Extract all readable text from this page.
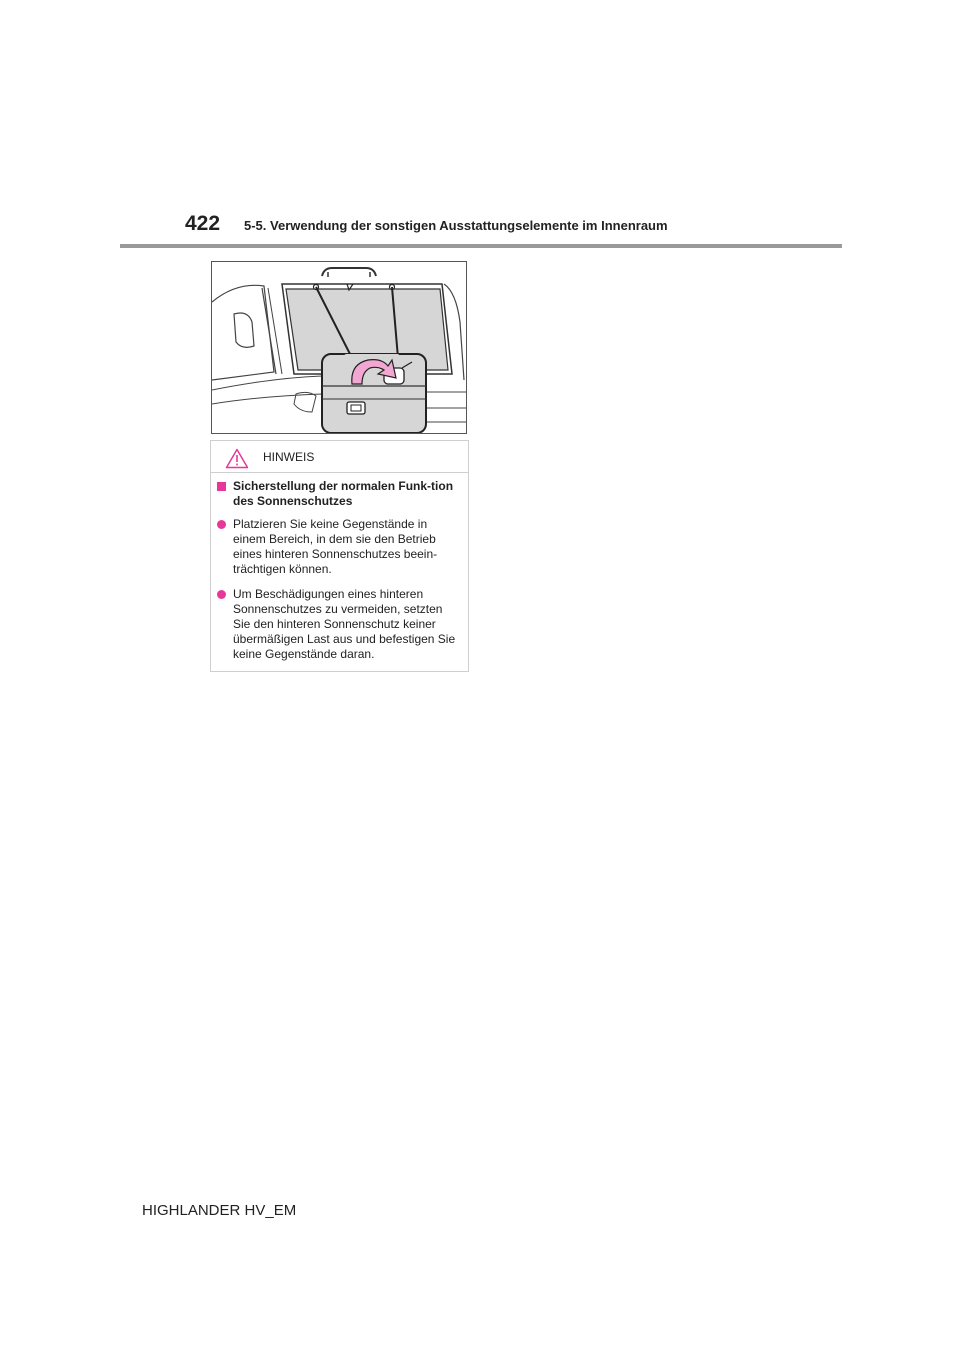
422 5-5. Verwendung der sonstigen Ausstattungselemente im Innenraum
HINWEIS
Sicherstellung der normalen Funk-tion des Sonnenschutzes
Platzieren Sie keine Gegenstände in einem Bereich, in dem sie den Betrieb eines hinteren Sonnenschutzes beein-trächtigen können.
Um Beschädigungen eines hinteren Sonnenschutzes zu vermeiden, setzten Sie den hinteren Sonnenschutz keiner übermäßigen Last aus und befestigen Sie keine Gegenstände daran.
HIGHLANDER HV_EM
